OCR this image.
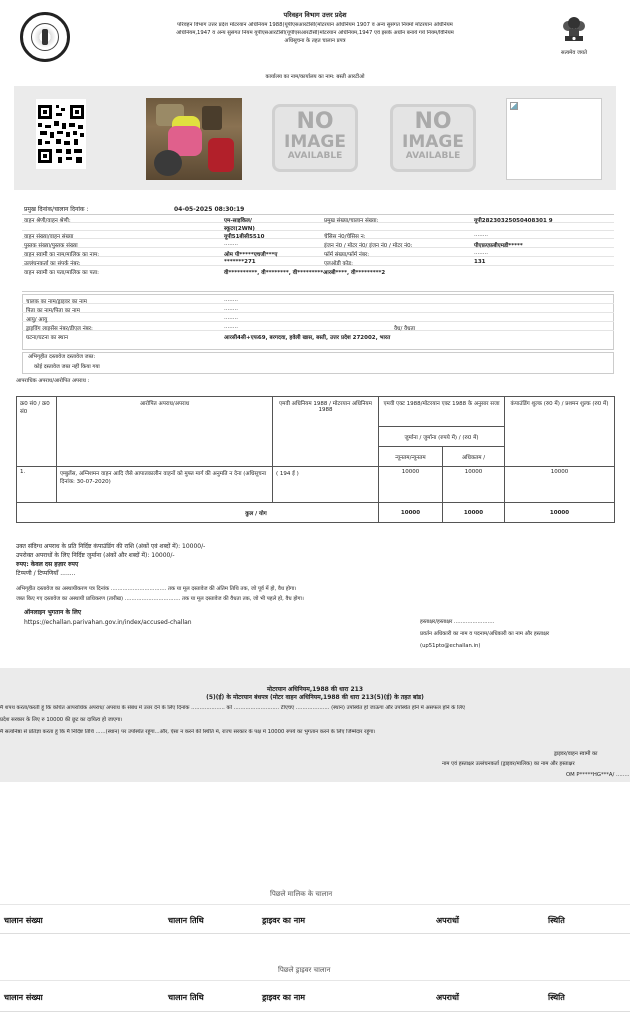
परिवहन विभाग उत्तर प्रदेश
परिवहन विभाग उत्तर प्रदेश मोटरयान अधिनियम 1988(यूपीएसआरटीसी(मोटरयान अधिनियम 1907 व अन्य सुसंगत नियमों मोटरयान अधिनियम
अधिनियम,1947 व अन्य सुसंगत नियम यूपीएसआरटीसी(यूपीएसआरटीसी)मोटरयान अधिनियम,1947 एवं इसके अधीन बनाये गये नियम/विनियम
अधिसूचना के तहत चालान प्रपत्र
सत्यमेव जयते
कार्यालय का नाम/कार्यालय का नाम: बस्ती आरटीओ
NO
IMAGE
AVAILABLE
NO
IMAGE
AVAILABLE
प्रमुख दिनांक/चालान दिनांक :	04-05-2025 08:30:19
वाहन श्रेणी/वाहन श्रेणी:	एम-साइकिल/	प्रमुख संख्या/चालान संख्या:	यूपी28230325050408301 9
स्कूटर(2WN)
वाहन संख्या/वाहन संख्या	यूपी51बीसी5510	चेसिस नं0/चेसिस न:	........
पुस्तक संख्या/पुस्तक संख्या	........	इंजन नं0 / मोटर नं0/ इंजन नं0 / मोटर नं0:	पीएफ़एफ़बीएमडी*****
वाहन स्वामी का नाम/मालिक का नाम:	ओम पी*****एचजी***ए	फॉर्म संख्या/फॉर्म नंबर:	........
उल्लंघनकर्ता का संपर्क नंबर:	*******271	एलओडी कोड:	131
वाहन स्वामी का पता/मालिक का पता:	वी**********, वी********, वी*********आरबी****, वी*********2
चालक का नाम/ड्राइवर का नाम	........
पिता का नाम/पिता का नाम	........
आयु/ आयु	........
ड्राइविंग लाइसेंस नंबर/डीएल नंबर:	........	वैध/ वैधता
घटना/घटना का स्थान	आरसी4सी+एफ69, बरगदवा, हवेली खास, बस्ती, उत्तर प्रदेश 272002, भारत
अभिगृहीत दस्तावेज दस्तावेज जब्त:
कोई दस्तावेज जब्त नहीं किया गया
आपराधिक अपराध/आरोपित अपराध :
क्र0 सं0 / क्र0 सं0	आरोपित अपराध/अपराध	एमवी अधिनियम 1988 / मोटरयान अधिनियम 1988	एमवी एक्ट 1988/मोटरयान एक्ट 1988 के अनुसार सजा		कंपाउंडिंग शुल्क (रु0 में) / प्रशमन शुल्क (रु0 में)
			जुर्माना / जुर्माना (रुपये में) / (रु0 में)		
			न्यूनतम/न्यूनतम	अधिकतम /	
1.	एम्बुलेंस, अग्निशमन वाहन आदि जैसे आपातकालीन वाहनों को मुफ्त मार्ग की अनुमति न देना (अधिसूचना दिनांक: 30-07-2020)	( 194 ई )	10000	10000	10000
कुल / योग			10000	10000	10000
उक्त संदिग्ध अपराध के प्रति निर्दिष्ट कंपाउंडिंग की राशि (अंकों एवं शब्दों में): 10000/-
उपरोक्त अपराधों के लिए निर्दिष्ट जुर्माना (अंकों और शब्दों में): 10000/-
रुपए: केवल दस हज़ार रुपए
टिप्पणी / टिप्पणियाँ ........
अभिगृहीत दस्तावेज का अस्थायीकरण पत्र दिनांक ................................. तक या मूल दस्तावेज की अंतिम तिथि तक, जो पूर्व में हो, वैध होगा।
जब्त किए गए दस्तावेज का अस्थायी प्राधिकरण (तारीख) ................................. तक या मूल दस्तावेज की वैधता तक, जो भी पहले हो, वैध होगा।
ऑनलाइन भुगतान के लिए
https://echallan.parivahan.gov.in/index/accused-challan	हस्ताक्षर/हस्ताक्षर ........................
प्रवर्तन अधिकारी का नाम व पदनाम/अधिकारी का नाम और हस्ताक्षर
(up51pto@echallan.in)
मोटरयान अधिनियम,1988 की धारा 213
(5)(ई) के मोटरयान बंधपत्र (मोटर वाहन अधिनियम,1988 की धारा 213(5)(ई) के तहत बांड)
मैं शपथ करता/करती हूं कि कथित आपराधिक अपराध/ अपराध के संबंध में उत्तर देने के लिए दिनांक .................... को ........................... टीएचए .................... (स्थान) उपस्थित हो जाऊंगा और उपस्थित होने में असफल होने के लिए
प्रदेश सरकार के लिए रु 10000 की छूट का दायित्व हो जाएगा।
मैं सत्यनिष्ठा से प्रतिज्ञा करता हूं कि मैं निर्दिष्ट तिथि ......(स्थान) पर उपस्थित रहूंगा...और, ऐसा न करने की स्थिति में, राज्य सरकार के पक्ष में 10000 रुपये का भुगतान करने के लिए जिम्मेदार रहूंगा।
ड्राइवर/वाहन स्वामी का
नाम एवं हस्ताक्षर उल्लंघनकर्ता (ड्राइवर/मालिक) का नाम और हस्ताक्षर
OM P*****HG***A/ ........
पिछले मालिक के चालान
चालान संख्या	चालान तिथि	ड्राइवर का नाम	अपराधों	स्थिति
पिछले ड्राइवर चालान
चालान संख्या	चालान तिथि	ड्राइवर का नाम	अपराधों	स्थिति
